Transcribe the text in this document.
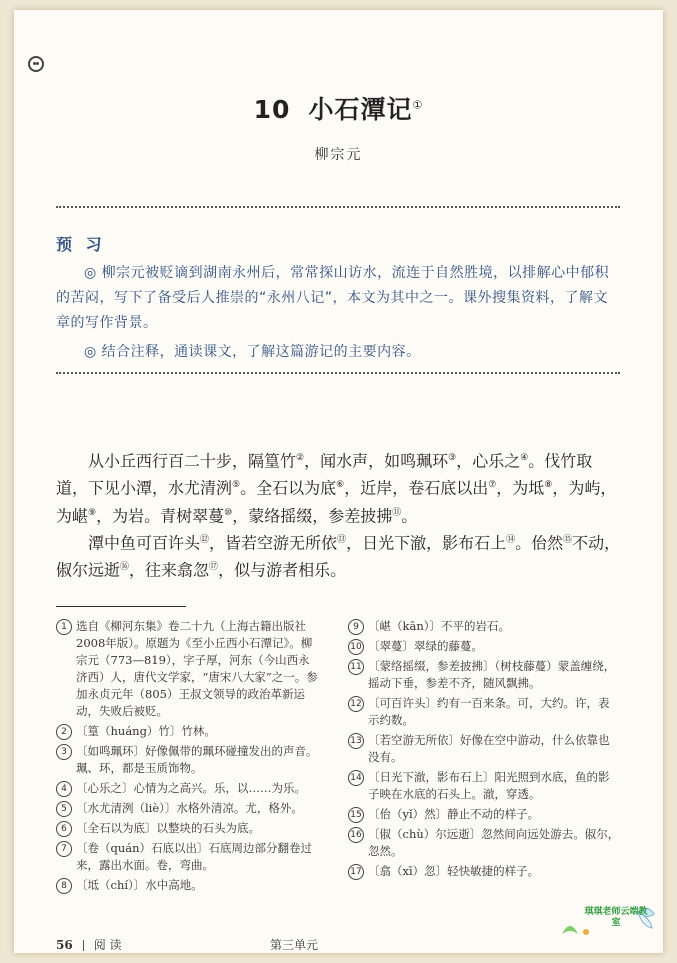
10 小石潭记①
柳宗元
预 习

◎ 柳宗元被贬谪到湖南永州后，常常探山访水，流连于自然胜境，以排解心中郁积的苦闷，写下了备受后人推崇的“永州八记”，本文为其中之一。课外搜集资料，了解文章的写作背景。

◎ 结合注释，通读课文，了解这篇游记的主要内容。

从小丘西行百二十步，隔篁竹②，闻水声，如鸣珮环③，心乐之④。伐竹取道，下见小潭，水尤清洌⑤。全石以为底⑥，近岸，卷石底以出⑦，为坻⑧，为屿，为嵁⑨，为岩。青树翠蔓⑩，蒙络摇缀，参差披拂⑪。

潭中鱼可百许头⑫，皆若空游无所依⑬，日光下澈，影布石上⑭。佁然⑮不动，俶尔远逝⑯，往来翕忽⑰，似与游者相乐。

1 选自《柳河东集》卷二十九（上海古籍出版社2008年版）。原题为《至小丘西小石潭记》。柳宗元（773—819），字子厚，河东（今山西永济西）人，唐代文学家，“唐宋八大家”之一。参加永贞元年（805）王叔文领导的政治革新运动，失败后被贬。
2 〔篁（huáng）竹〕竹林。
3 〔如鸣珮环〕好像佩带的珮环碰撞发出的声音。珮、环，都是玉质饰物。
4 〔心乐之〕心情为之高兴。乐，以……为乐。
5 〔水尤清洌（liè）〕水格外清凉。尤，格外。
6 〔全石以为底〕以整块的石头为底。
7 〔卷（quán）石底以出〕石底周边部分翻卷过来，露出水面。卷，弯曲。
8 〔坻（chí）〕水中高地。
9 〔嵁（kān）〕不平的岩石。
10 〔翠蔓〕翠绿的藤蔓。
11 〔蒙络摇缀，参差披拂〕（树枝藤蔓）蒙盖缠绕，摇动下垂，参差不齐，随风飘拂。
12 〔可百许头〕约有一百来条。可，大约。许，表示约数。
13 〔若空游无所依〕好像在空中游动，什么依靠也没有。
14 〔日光下澈，影布石上〕阳光照到水底，鱼的影子映在水底的石头上。澈，穿透。
15 〔佁（yǐ）然〕静止不动的样子。
16 〔俶（chù）尔远逝〕忽然间向远处游去。俶尔，忽然。
17 〔翕（xī）忽〕轻快敏捷的样子。
56 阅 读	第三单元
琪琪老师云端教室
